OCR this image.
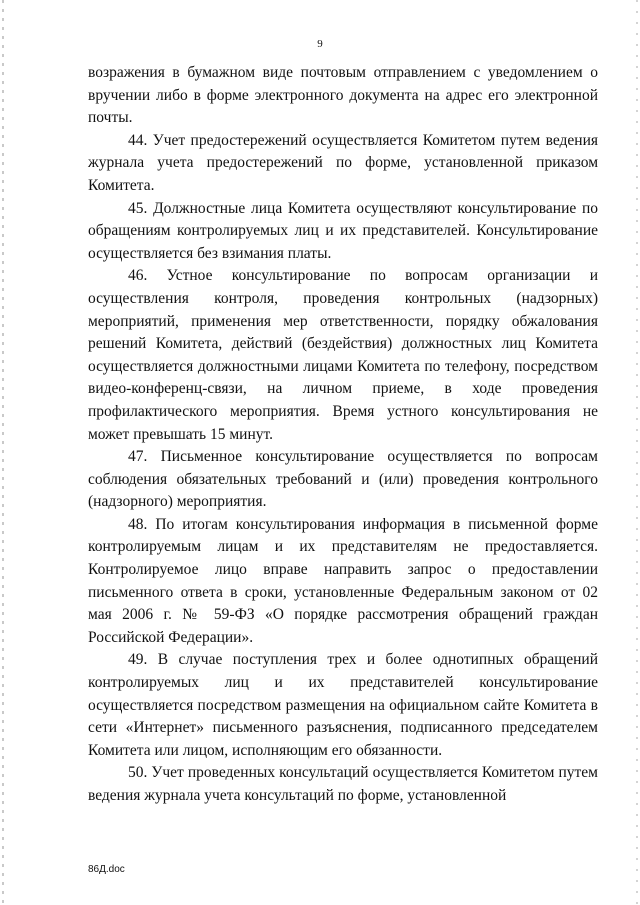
9

возражения в бумажном виде почтовым отправлением с уведомлением о вручении либо в форме электронного документа на адрес его электронной почты.

44. Учет предостережений осуществляется Комитетом путем ведения журнала учета предостережений по форме, установленной приказом Комитета.

45. Должностные лица Комитета осуществляют консультирование по обращениям контролируемых лиц и их представителей. Консультирование осуществляется без взимания платы.

46. Устное консультирование по вопросам организации и осуществления контроля, проведения контрольных (надзорных) мероприятий, применения мер ответственности, порядку обжалования решений Комитета, действий (бездействия) должностных лиц Комитета осуществляется должностными лицами Комитета по телефону, посредством видео-конференц-связи, на личном приеме, в ходе проведения профилактического мероприятия. Время устного консультирования не может превышать 15 минут.

47. Письменное консультирование осуществляется по вопросам соблюдения обязательных требований и (или) проведения контрольного (надзорного) мероприятия.

48. По итогам консультирования информация в письменной форме контролируемым лицам и их представителям не предоставляется. Контролируемое лицо вправе направить запрос о предоставлении письменного ответа в сроки, установленные Федеральным законом от 02 мая 2006 г. № 59-ФЗ «О порядке рассмотрения обращений граждан Российской Федерации».

49. В случае поступления трех и более однотипных обращений контролируемых лиц и их представителей консультирование осуществляется посредством размещения на официальном сайте Комитета в сети «Интернет» письменного разъяснения, подписанного председателем Комитета или лицом, исполняющим его обязанности.

50. Учет проведенных консультаций осуществляется Комитетом путем ведения журнала учета консультаций по форме, установленной

86Д.doc
